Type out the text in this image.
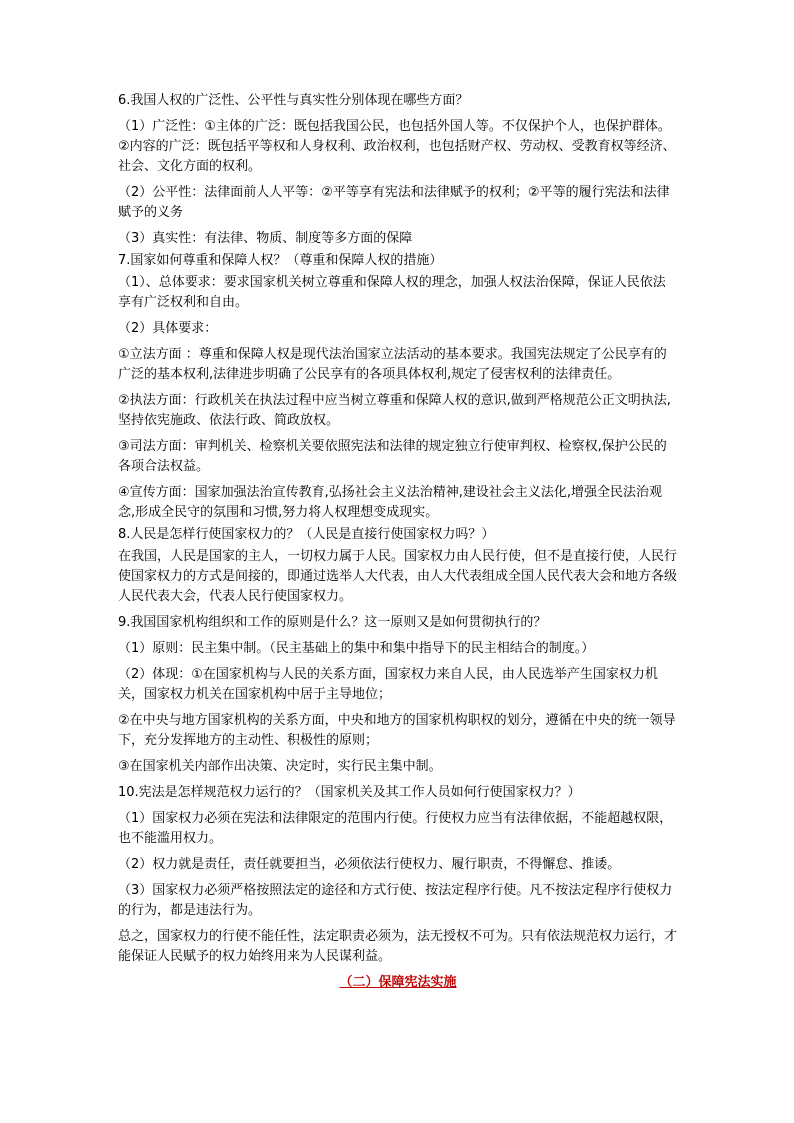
6.我国人权的广泛性、公平性与真实性分别体现在哪些方面？

（1）广泛性：①主体的广泛：既包括我国公民，也包括外国人等。不仅保护个人，也保护群体。 ②内容的广泛：既包括平等权和人身权利、政治权利，也包括财产权、劳动权、受教育权等经济、社会、文化方面的权利。

（2）公平性：法律面前人人平等：②平等享有宪法和法律赋予的权利；②平等的履行宪法和法律赋予的义务

（3）真实性：有法律、物质、制度等多方面的保障

7.国家如何尊重和保障人权？（尊重和保障人权的措施）

（1）、总体要求：要求国家机关树立尊重和保障人权的理念，加强人权法治保障，保证人民依法享有广泛权利和自由。

（2）具体要求：

①立法方面 ：尊重和保障人权是现代法治国家立法活动的基本要求。我国宪法规定了公民享有的广泛的基本权利,法律进步明确了公民享有的各项具体权利,规定了侵害权利的法律责任。

②执法方面：行政机关在执法过程中应当树立尊重和保障人权的意识,做到严格规范公正文明执法,坚持依宪施政、依法行政、简政放权。

③司法方面：审判机关、检察机关要依照宪法和法律的规定独立行使审判权、检察权,保护公民的各项合法权益。

④宣传方面：国家加强法治宣传教育,弘扬社会主义法治精神,建设社会主义法化,增强全民法治观念,形成全民守的氛围和习惯,努力将人权理想变成现实。

8.人民是怎样行使国家权力的？（人民是直接行使国家权力吗？）

在我国，人民是国家的主人，一切权力属于人民。国家权力由人民行使，但不是直接行使，人民行使国家权力的方式是间接的，即通过选举人大代表，由人大代表组成全国人民代表大会和地方各级人民代表大会，代表人民行使国家权力。

9.我国国家机构组织和工作的原则是什么？这一原则又是如何贯彻执行的？

（1）原则：民主集中制。（民主基础上的集中和集中指导下的民主相结合的制度。）

（2）体现：①在国家机构与人民的关系方面，国家权力来自人民，由人民选举产生国家权力机关，国家权力机关在国家机构中居于主导地位；

②在中央与地方国家机构的关系方面，中央和地方的国家机构职权的划分，遵循在中央的统一领导下，充分发挥地方的主动性、积极性的原则；

③在国家机关内部作出决策、决定时，实行民主集中制。

10.宪法是怎样规范权力运行的？（国家机关及其工作人员如何行使国家权力？）

（1）国家权力必须在宪法和法律限定的范围内行使。行使权力应当有法律依据，不能超越权限，也不能滥用权力。

（2）权力就是责任，责任就要担当，必须依法行使权力、履行职责，不得懈怠、推诿。

（3）国家权力必须严格按照法定的途径和方式行使、按法定程序行使。凡不按法定程序行使权力的行为，都是违法行为。

总之，国家权力的行使不能任性，法定职责必须为，法无授权不可为。只有依法规范权力运行，才能保证人民赋予的权力始终用来为人民谋利益。

（二）保障宪法实施
